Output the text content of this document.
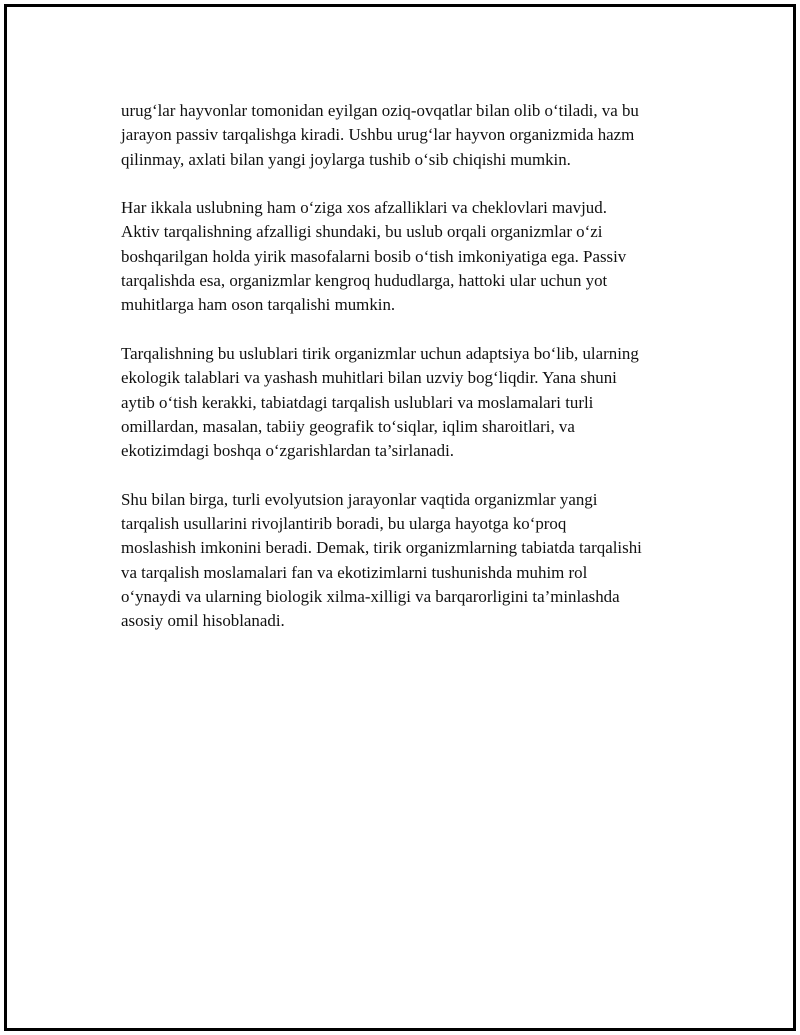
urug‘lar hayvonlar tomonidan eyilgan oziq-ovqatlar bilan olib o‘tiladi, va bu
jarayon passiv tarqalishga kiradi. Ushbu urug‘lar hayvon organizmida hazm
qilinmay, axlati bilan yangi joylarga tushib o‘sib chiqishi mumkin.

Har ikkala uslubning ham o‘ziga xos afzalliklari va cheklovlari mavjud.
Aktiv tarqalishning afzalligi shundaki, bu uslub orqali organizmlar o‘zi
boshqarilgan holda yirik masofalarni bosib o‘tish imkoniyatiga ega. Passiv
tarqalishda esa, organizmlar kengroq hududlarga, hattoki ular uchun yot
muhitlarga ham oson tarqalishi mumkin.

Tarqalishning bu uslublari tirik organizmlar uchun adaptsiya bo‘lib, ularning
ekologik talablari va yashash muhitlari bilan uzviy bog‘liqdir. Yana shuni
aytib o‘tish kerakki, tabiatdagi tarqalish uslublari va moslamalari turli
omillardan, masalan, tabiiy geografik to‘siqlar, iqlim sharoitlari, va
ekotizimdagi boshqa o‘zgarishlardan ta’sirlanadi.

Shu bilan birga, turli evolyutsion jarayonlar vaqtida organizmlar yangi
tarqalish usullarini rivojlantirib boradi, bu ularga hayotga ko‘proq
moslashish imkonini beradi. Demak, tirik organizmlarning tabiatda tarqalishi
va tarqalish moslamalari fan va ekotizimlarni tushunishda muhim rol
o‘ynaydi va ularning biologik xilma-xilligi va barqarorligini ta’minlashda
asosiy omil hisoblanadi.
